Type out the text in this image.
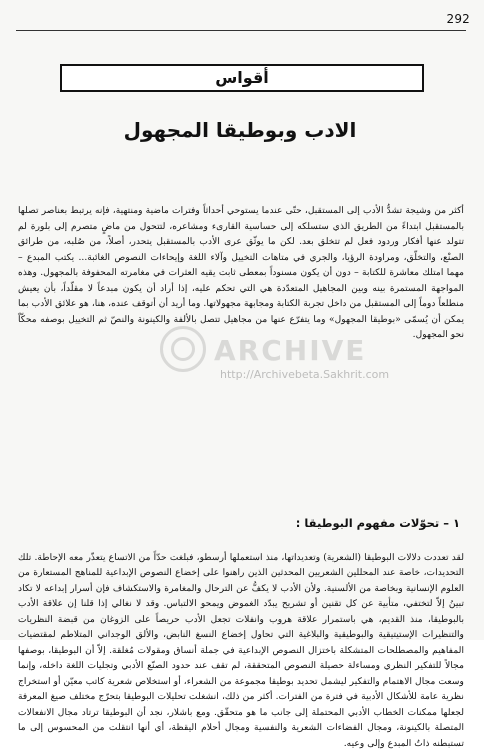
292
أقواس
الادب وبوطيقا المجهول
أكثر من وشيجة تشدُّ الأدب إلى المستقبل، حتّى عندما يستوحي أحداثاً وفترات ماضية ومنتهية، فإنه يرتبط بعناصر تصلها بالمستقبل ابتداءً من الطريق الذي ستسلكه إلى حساسية القارىء ومشاعره، لتتحول من ماضٍ متصرم إلى بلورة لم تتولد عنها أفكار وردود فعل لم تتخلق بعد. لكن ما يوثّق عرى الأدب بالمستقبل يتحدر، أصلاً، من صُلبه، من طرائق الصنْع، والتخلّق، ومراودة الرؤيا، والجري في متاهات التخييل وآلاء اللغة وإيحاءات النصوص الغائبة... يكتب المبدع – مهما امتلك معاشرة للكتابة – دون أن يكون مسنوداً بمعطى ثابت يقيه العثرات في مغامرته المحفوفة بالمجهول. وهذه المواجهة المستمرة بينه وبين المجاهيل المتعدّدة هي التي تحكم عليه، إذا أراد أن يكون مبدعاً لا مقلّداً، بأن يعيش منطلعاً دوماً إلى المستقبل من داخل تجربة الكتابة ومجابهة مجهولاتها. وما أريد أن أتوقف عنده، هنا، هو علائق الأدب بما يمكن أن يُسمّى «بوطيقا المجهول» وما يتفرّع عنها من مجاهيل تتصل بالألفة والكينونة والنصّ ثم التخييل بوصفه محكّاً نحو المجهول.
١ – تحوّلات مفهوم البوطيقا :
لقد تعددت دلالات البوطيقا (الشعرية) وتعديداتها، منذ استعملها أرسطو، فبلغت حدّاً من الاتساع يتعذّر معه الإحاطة. تلك التحديدات، خاصة عند المحللين الشعريين المحدثين الذين راهنوا على إخضاع النصوص الإبداعية للمناهج المستعارة من العلوم الإنسانية وبخاصة من الألسنية. ولأن الأدب لا يكفُّ عن الترحال والمغامرة والاستكشاف فإن أسرار إبداعه لا تكاد تبينُ إلاّ لتختفي، متأبية عن كل تقنين أو تشريح يبدّد الغموض ويمحو الالتباس. وقد لا نغالي إذا قلنا إن علاقة الأدب بالبوطيقا، منذ القديم، هي باستمرار علاقة هروب وانفلات تجعل الأدب حريصاً على الزوغان من قبضة النظريات والتنظيرات الإستيتيقية والبوطيقية والبلاغية التي تحاول إخضاع النسغ النابض، والألق الوجداني المتلاطم لمقتضيات المفاهيم والمصطلحات المتشكلة باختزال النصوص الإبداعية في جملة أنساق ومقولات مُغلقة. إلاّ أن البوطيقا، بوصفها مجالاً للتفكير النظري ومساءلة حصيلة النصوص المتحققة، لم تقف عند حدود الصنّع الأدبي وتجليات اللغة داخله، وإنما وسعت مجال الاهتمام والتفكير ليشمل تحديد بوطيقا مجموعة من الشعراء، أو استخلاص شعرية كاتب معيّن أو استخراج نظرية عامة للأشكال الأدبية في فترة من الفترات. أكثر من ذلك، انشغلت تحليلات البوطيقا بتحرّج مختلف صيغ المعرفة لجعلها ممكنات الخطاب الأدبي المحتملة إلى جانب ما هو متحقّق. ومع باشلار، نجد أن البوطيقا ترتاد مجال الانفعالات المتصلة بالكينونة، ومجال الفضاءات الشعرية والنفسية ومجال أحلام اليقظة، أي أنها انتقلت من المحسوس إلى ما تستبطنه ذاتُ المبدع وإلى وعيه.
ARCHIVE
http://Archivebeta.Sakhrit.com
